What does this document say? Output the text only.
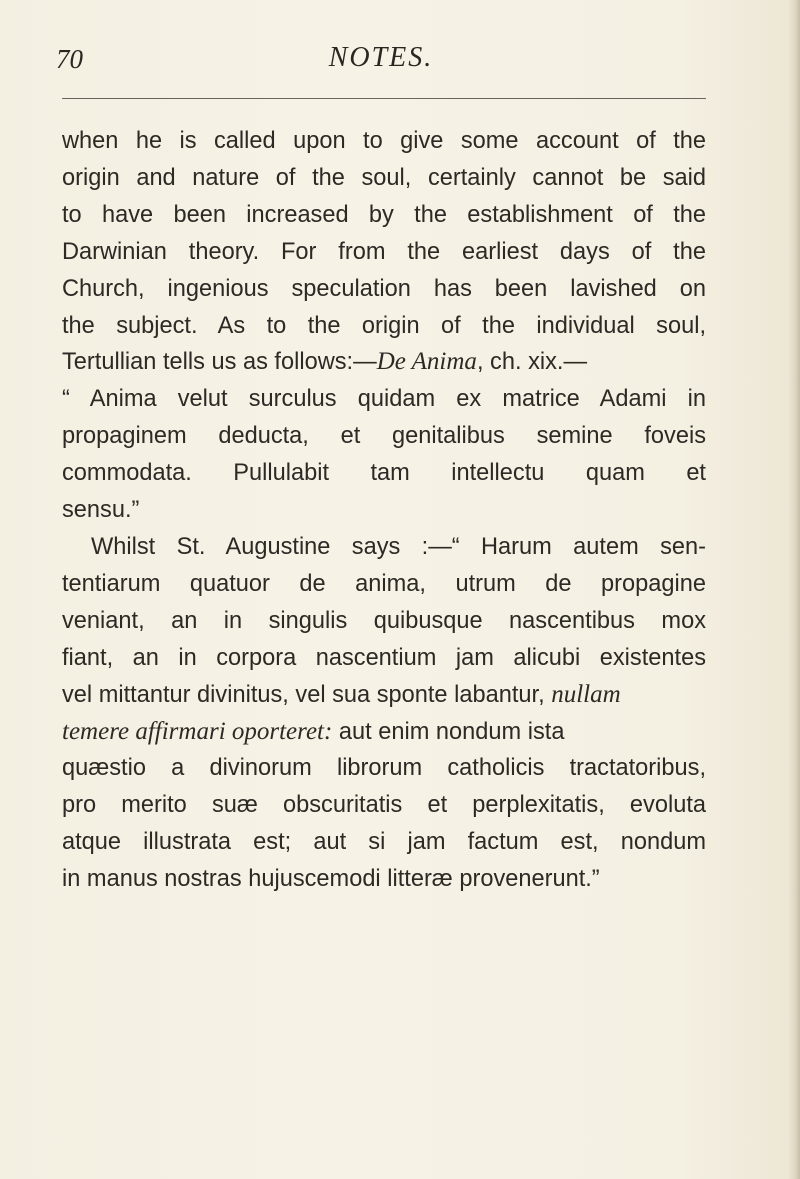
70	NOTES.
when he is called upon to give some account of the
origin and nature of the soul, certainly cannot be said
to have been increased by the establishment of the
Darwinian theory. For from the earliest days of the
Church, ingenious speculation has been lavished on
the subject. As to the origin of the individual soul,
Tertullian tells us as follows:—De Anima, ch. xix.—
“ Anima velut surculus quidam ex matrice Adami in
propaginem deducta, et genitalibus semine foveis
commodata. Pullulabit tam intellectu quam et
sensu.”
Whilst St. Augustine says :—“ Harum autem sen-
tentiarum quatuor de anima, utrum de propagine
veniant, an in singulis quibusque nascentibus mox
fiant, an in corpora nascentium jam alicubi existentes
vel mittantur divinitus, vel sua sponte labantur, nullam
temere affirmari oporteret: aut enim nondum ista
quæstio a divinorum librorum catholicis tractatoribus,
pro merito suæ obscuritatis et perplexitatis, evoluta
atque illustrata est; aut si jam factum est, nondum
in manus nostras hujuscemodi litteræ provenerunt.”
